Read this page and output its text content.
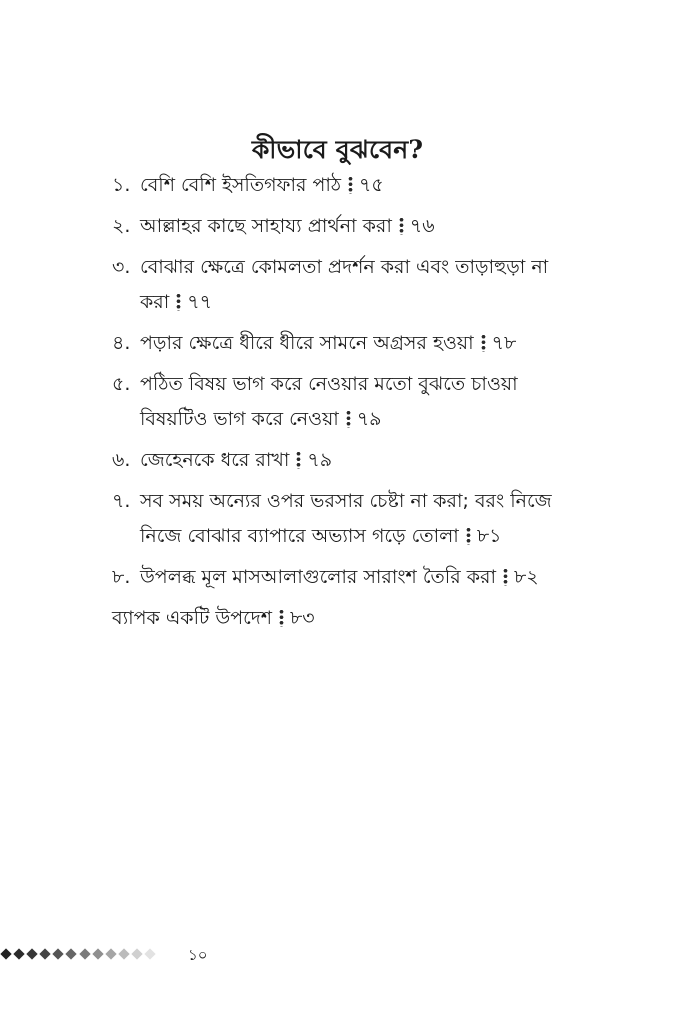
কীভাবে বুঝবেন?
১. বেশি বেশি ইসতিগফার পাঠ ৭৫
২. আল্লাহর কাছে সাহায্য প্রার্থনা করা ৭৬
৩. বোঝার ক্ষেত্রে কোমলতা প্রদর্শন করা এবং তাড়াহুড়া না করা ৭৭
৪. পড়ার ক্ষেত্রে ধীরে ধীরে সামনে অগ্রসর হওয়া ৭৮
৫. পঠিত বিষয় ভাগ করে নেওয়ার মতো বুঝতে চাওয়া বিষয়টিও ভাগ করে নেওয়া ৭৯
৬. জেহেনকে ধরে রাখা ৭৯
৭. সব সময় অন্যের ওপর ভরসার চেষ্টা না করা; বরং নিজে নিজে বোঝার ব্যাপারে অভ্যাস গড়ে তোলা ৮১
৮. উপলব্ধ মূল মাসআলাগুলোর সারাংশ তৈরি করা ৮২
ব্যাপক একটি উপদেশ ৮৩
১০
